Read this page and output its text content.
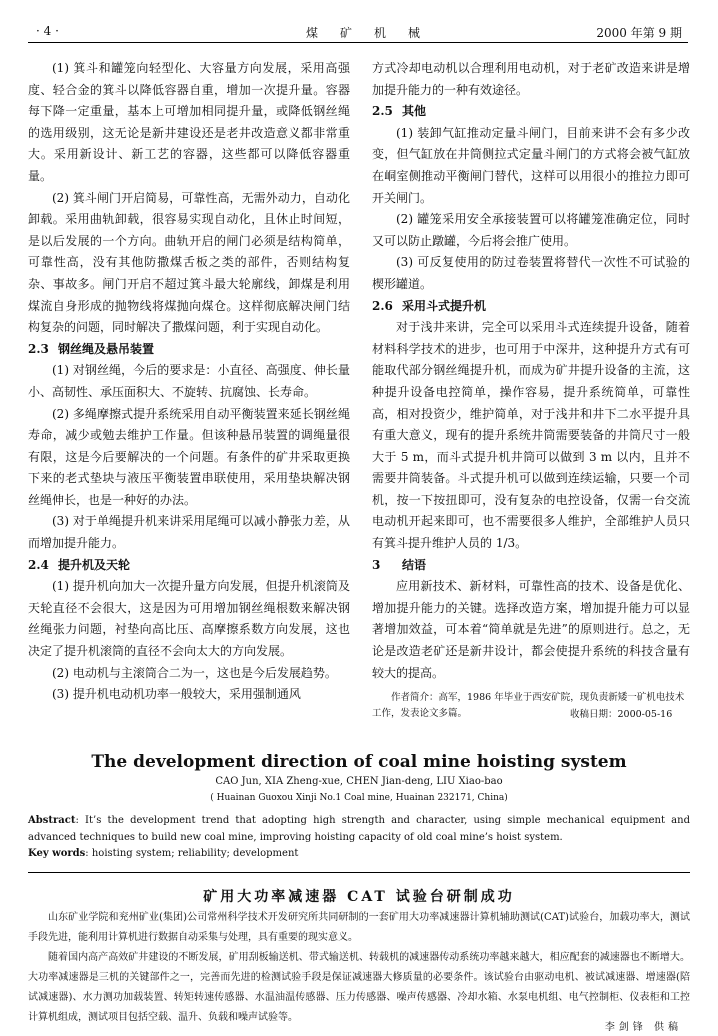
· 4 ·	煤矿机械	2000 年第 9 期

(1) 箕斗和罐笼向轻型化、大容量方向发展，采用高强度、轻合金的箕斗以降低容器自重，增加一次提升量。容器每下降一定重量，基本上可增加相同提升量，或降低钢丝绳的选用级别，这无论是新井建设还是老井改造意义都非常重大。采用新设计、新工艺的容器，这些都可以降低容器重量。

(2) 箕斗闸门开启简易，可靠性高，无需外动力，自动化卸载。采用曲轨卸载，很容易实现自动化，且休止时间短，是以后发展的一个方向。曲轨开启的闸门必须是结构简单，可靠性高，没有其他防撒煤舌板之类的部件，否则结构复杂、事故多。闸门开启不超过箕斗最大轮廓线，卸煤是利用煤流自身形成的抛物线将煤抛向煤仓。这样彻底解决闸门结构复杂的问题，同时解决了撒煤问题，利于实现自动化。

2.3 钢丝绳及悬吊装置

(1) 对钢丝绳，今后的要求是：小直径、高强度、伸长量小、高韧性、承压面积大、不旋转、抗腐蚀、长寿命。

(2) 多绳摩擦式提升系统采用自动平衡装置来延长钢丝绳寿命，减少或勉去维护工作量。但该种悬吊装置的调绳量很有限，这是今后要解决的一个问题。有条件的矿井采取更换下来的老式垫块与液压平衡装置串联使用，采用垫块解决钢丝绳伸长，也是一种好的办法。

(3) 对于单绳提升机来讲采用尾绳可以减小静张力差，从而增加提升能力。

2.4 提升机及天轮

(1) 提升机向加大一次提升量方向发展，但提升机滚筒及天轮直径不会很大，这是因为可用增加钢丝绳根数来解决钢丝绳张力问题，衬垫向高比压、高摩擦系数方向发展，这也决定了提升机滚筒的直径不会向太大的方向发展。

(2) 电动机与主滚筒合二为一，这也是今后发展趋势。

(3) 提升机电动机功率一般较大，采用强制通风

方式冷却电动机以合理利用电动机，对于老矿改造来讲是增加提升能力的一种有效途径。

2.5 其他

(1) 装卸气缸推动定量斗闸门，目前来讲不会有多少改变，但气缸放在井筒侧拉式定量斗闸门的方式将会被气缸放在峒室侧推动平衡闸门替代，这样可以用很小的推拉力即可开关闸门。

(2) 罐笼采用安全承接装置可以将罐笼准确定位，同时又可以防止蹾罐，今后将会推广使用。

(3) 可反复使用的防过卷装置将替代一次性不可试验的楔形罐道。

2.6 采用斗式提升机

对于浅井来讲，完全可以采用斗式连续提升设备，随着材料科学技术的进步，也可用于中深井，这种提升方式有可能取代部分钢丝绳提升机，而成为矿井提升设备的主流，这种提升设备电控简单，操作容易，提升系统简单，可靠性高，相对投资少，维护简单，对于浅井和井下二水平提升具有重大意义，现有的提升系统井筒需要装备的井筒尺寸一般大于 5 m，而斗式提升机井筒可以做到 3 m 以内，且并不需要井筒装备。斗式提升机可以做到连续运输，只要一个司机，按一下按扭即可，没有复杂的电控设备，仅需一台交流电动机开起来即可，也不需要很多人维护，全部维护人员只有箕斗提升维护人员的 1/3。

3 结语

应用新技术、新材料，可靠性高的技术、设备是优化、增加提升能力的关键。选择改造方案，增加提升能力可以显著增加效益，可本着“简单就是先进”的原则进行。总之，无论是改造老矿还是新井设计，都会使提升系统的科技含量有较大的提高。

作者简介：高军，1986 年毕业于西安矿院，现负责新矮一矿机电技术工作，发表论文多篇。	收稿日期：2000-05-16
The development direction of coal mine hoisting system
CAO Jun, XIA Zheng-xue, CHEN Jian-deng, LIU Xiao-bao
( Huainan Guoxou Xinji No.1 Coal mine, Huainan 232171, China)
Abstract: It’s the development trend that adopting high strength and character, using simple mechanical equipment and advanced techniques to build new coal mine, improving hoisting capacity of old coal mine’s hoist system.
Key words: hoisting system; reliability; development
矿用大功率减速器 CAT 试验台研制成功

山东矿业学院和兖州矿业(集团)公司常州科学技术开发研究所共同研制的一套矿用大功率减速器计算机辅助测试(CAT)试验台，加载功率大，测试手段先进，能利用计算机进行数据自动采集与处理，具有重要的现实意义。

随着国内高产高效矿井建设的不断发展，矿用刮板输送机、带式输送机、转载机的减速器传动系统功率越来越大，相应配套的减速器也不断增大。大功率减速器是三机的关键部件之一，完善而先进的检测试验手段是保证减速器大修质量的必要条件。该试验台由驱动电机、被试减速器、增速器(陪试减速器)、水力测功加载装置、转矩转速传感器、水温油温传感器、压力传感器、噪声传感器、冷却水箱、水泵电机组、电气控制柜、仪表柜和工控计算机组成，测试项目包括空载、温升、负载和噪声试验等。

李剑锋 供稿
